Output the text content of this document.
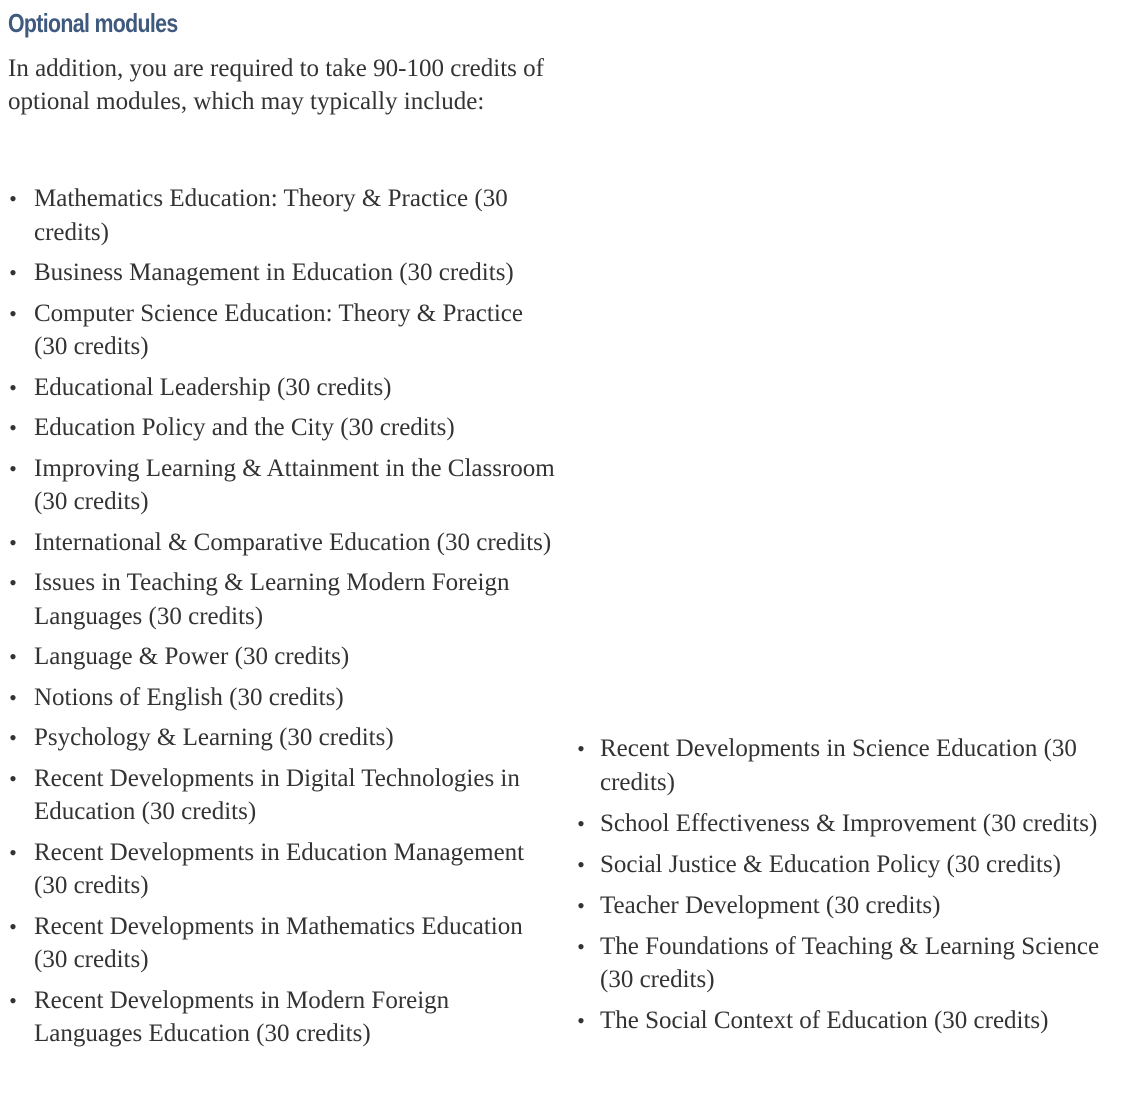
Optional modules

In addition, you are required to take 90-100 credits of optional modules, which may typically include:

• Mathematics Education: Theory & Practice (30 credits)
• Business Management in Education (30 credits)
• Computer Science Education: Theory & Practice (30 credits)
• Educational Leadership (30 credits)
• Education Policy and the City (30 credits)
• Improving Learning & Attainment in the Classroom (30 credits)
• International & Comparative Education (30 credits)
• Issues in Teaching & Learning Modern Foreign Languages (30 credits)
• Language & Power (30 credits)
• Notions of English (30 credits)
• Psychology & Learning (30 credits)
• Recent Developments in Digital Technologies in Education (30 credits)
• Recent Developments in Education Management (30 credits)
• Recent Developments in Mathematics Education (30 credits)
• Recent Developments in Modern Foreign Languages Education (30 credits)
• Recent Developments in Science Education (30 credits)
• School Effectiveness & Improvement (30 credits)
• Social Justice & Education Policy (30 credits)
• Teacher Development (30 credits)
• The Foundations of Teaching & Learning Science (30 credits)
• The Social Context of Education (30 credits)
